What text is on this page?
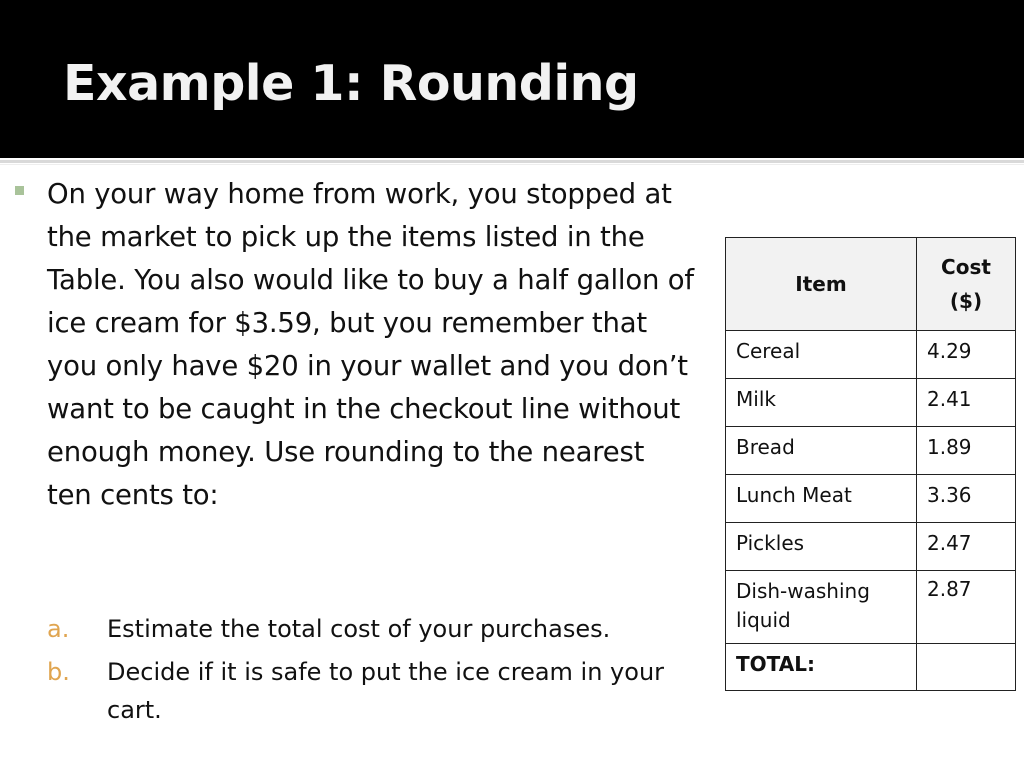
Example 1: Rounding

On your way home from work, you stopped at the market to pick up the items listed in the Table. You also would like to buy a half gallon of ice cream for $3.59, but you remember that you only have $20 in your wallet and you don’t want to be caught in the checkout line without enough money. Use rounding to the nearest ten cents to:

a. Estimate the total cost of your purchases.
b. Decide if it is safe to put the ice cream in your cart.
Item	Cost ($)
Cereal	4.29
Milk	2.41
Bread	1.89
Lunch Meat	3.36
Pickles	2.47
Dish-washing liquid	2.87
TOTAL:	
